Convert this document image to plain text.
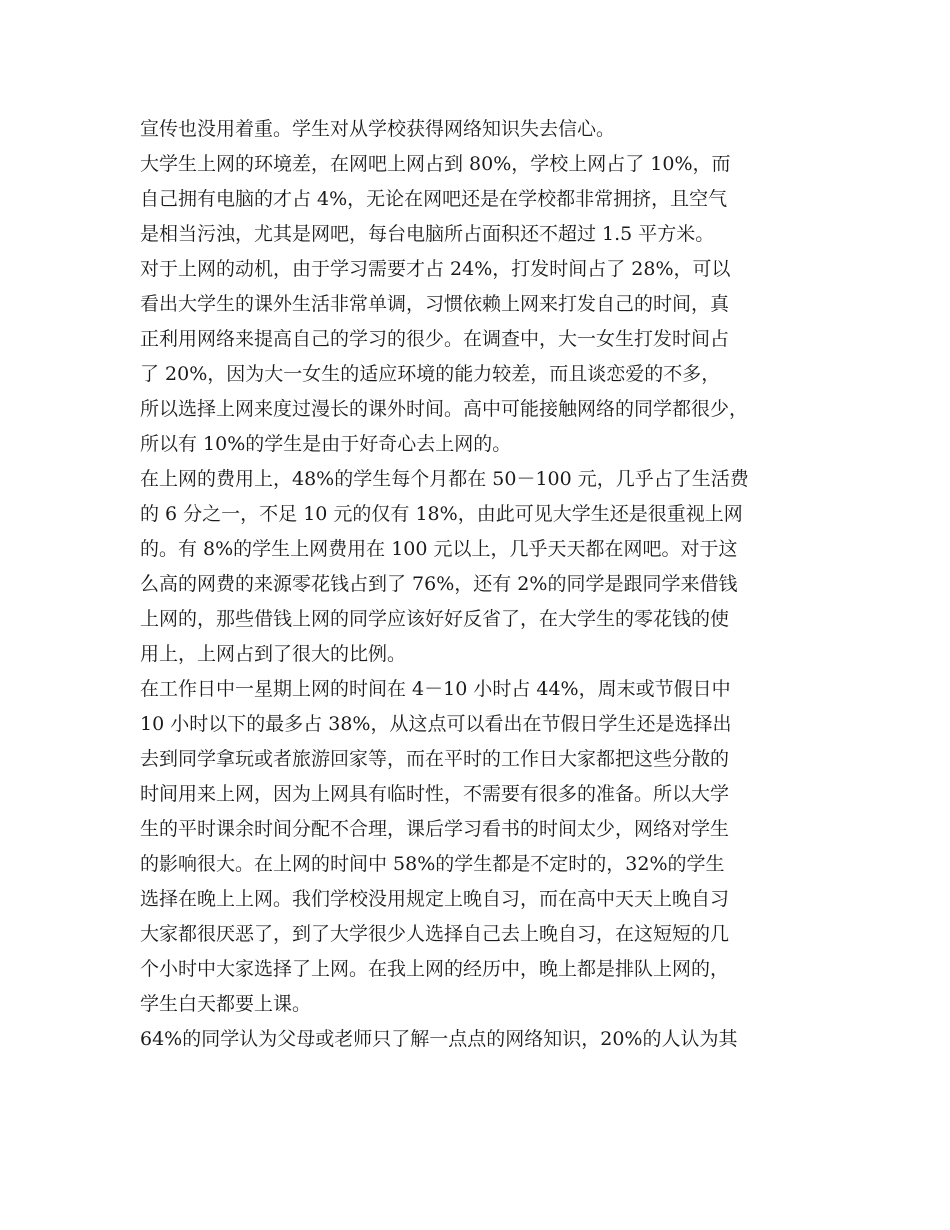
宣传也没用着重。学生对从学校获得网络知识失去信心。
大学生上网的环境差，在网吧上网占到 80%，学校上网占了 10%，而
自己拥有电脑的才占 4%，无论在网吧还是在学校都非常拥挤，且空气
是相当污浊，尤其是网吧，每台电脑所占面积还不超过 1.5 平方米。
对于上网的动机，由于学习需要才占 24%，打发时间占了 28%，可以
看出大学生的课外生活非常单调，习惯依赖上网来打发自己的时间，真
正利用网络来提高自己的学习的很少。在调查中，大一女生打发时间占
了 20%，因为大一女生的适应环境的能力较差，而且谈恋爱的不多，
所以选择上网来度过漫长的课外时间。高中可能接触网络的同学都很少，
所以有 10%的学生是由于好奇心去上网的。
在上网的费用上，48%的学生每个月都在 50－100 元，几乎占了生活费
的 6 分之一，不足 10 元的仅有 18%，由此可见大学生还是很重视上网
的。有 8%的学生上网费用在 100 元以上，几乎天天都在网吧。对于这
么高的网费的来源零花钱占到了 76%，还有 2%的同学是跟同学来借钱
上网的，那些借钱上网的同学应该好好反省了，在大学生的零花钱的使
用上，上网占到了很大的比例。
在工作日中一星期上网的时间在 4－10 小时占 44%，周末或节假日中
10 小时以下的最多占 38%，从这点可以看出在节假日学生还是选择出
去到同学拿玩或者旅游回家等，而在平时的工作日大家都把这些分散的
时间用来上网，因为上网具有临时性，不需要有很多的准备。所以大学
生的平时课余时间分配不合理，课后学习看书的时间太少，网络对学生
的影响很大。在上网的时间中 58%的学生都是不定时的，32%的学生
选择在晚上上网。我们学校没用规定上晚自习，而在高中天天上晚自习
大家都很厌恶了，到了大学很少人选择自己去上晚自习，在这短短的几
个小时中大家选择了上网。在我上网的经历中，晚上都是排队上网的，
学生白天都要上课。
64%的同学认为父母或老师只了解一点点的网络知识，20%的人认为其
